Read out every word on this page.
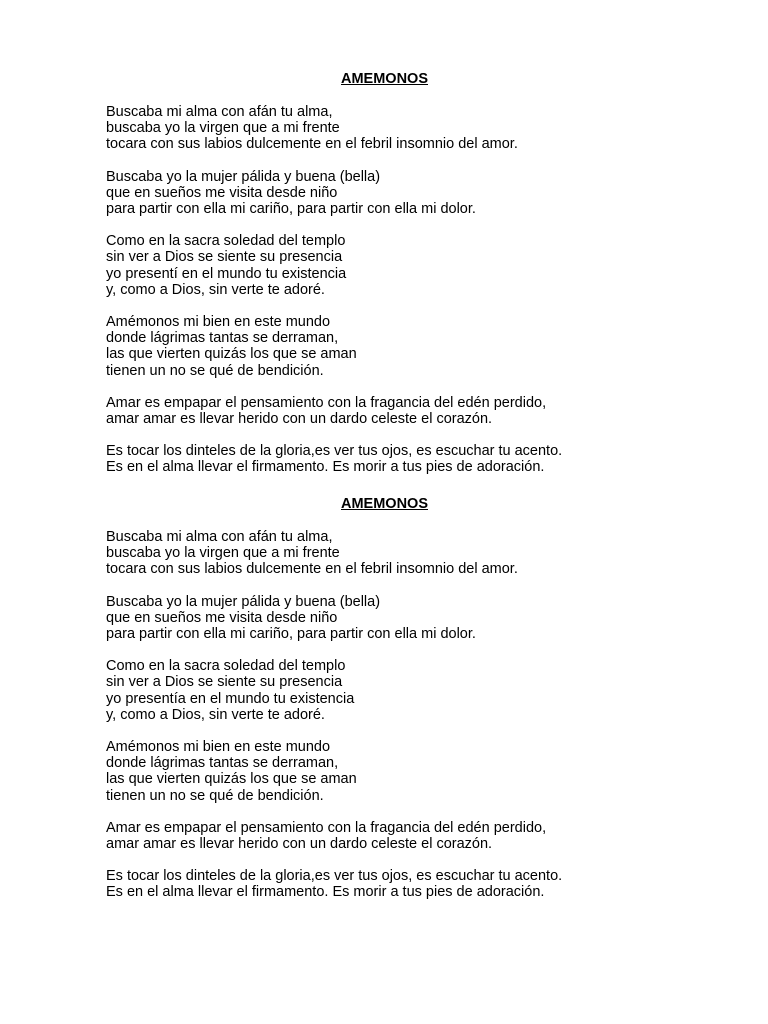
AMEMONOS
Buscaba mi alma con afán tu alma,
buscaba yo la virgen que a mi frente
tocara con sus labios dulcemente en el febril insomnio del amor.
Buscaba yo la mujer pálida y buena (bella)
que en sueños me visita desde niño
para partir con ella mi cariño, para partir con ella mi dolor.
Como en la sacra soledad del templo
sin ver a Dios se siente su presencia
yo presentí en el mundo tu existencia
y, como a Dios, sin verte te adoré.
Amémonos mi bien en este mundo
donde lágrimas tantas se derraman,
las que vierten quizás los que se aman
tienen un no se qué de bendición.
Amar es empapar el pensamiento con la fragancia del edén perdido,
amar amar es llevar herido con un dardo celeste el corazón.
Es tocar los dinteles de la gloria,es ver tus ojos, es escuchar tu acento.
Es en el alma llevar el firmamento. Es morir a tus pies de adoración.
AMEMONOS
Buscaba mi alma con afán tu alma,
buscaba yo la virgen que a mi frente
tocara con sus labios dulcemente en el febril insomnio del amor.
Buscaba yo la mujer pálida y buena (bella)
que en sueños me visita desde niño
para partir con ella mi cariño, para partir con ella mi dolor.
Como en la sacra soledad del templo
sin ver a Dios se siente su presencia
yo presentía en el mundo tu existencia
y, como a Dios, sin verte te adoré.
Amémonos mi bien en este mundo
donde lágrimas tantas se derraman,
las que vierten quizás los que se aman
tienen un no se qué de bendición.
Amar es empapar el pensamiento con la fragancia del edén perdido,
amar amar es llevar herido con un dardo celeste el corazón.
Es tocar los dinteles de la gloria,es ver tus ojos, es escuchar tu acento.
Es en el alma llevar el firmamento. Es morir a tus pies de adoración.
